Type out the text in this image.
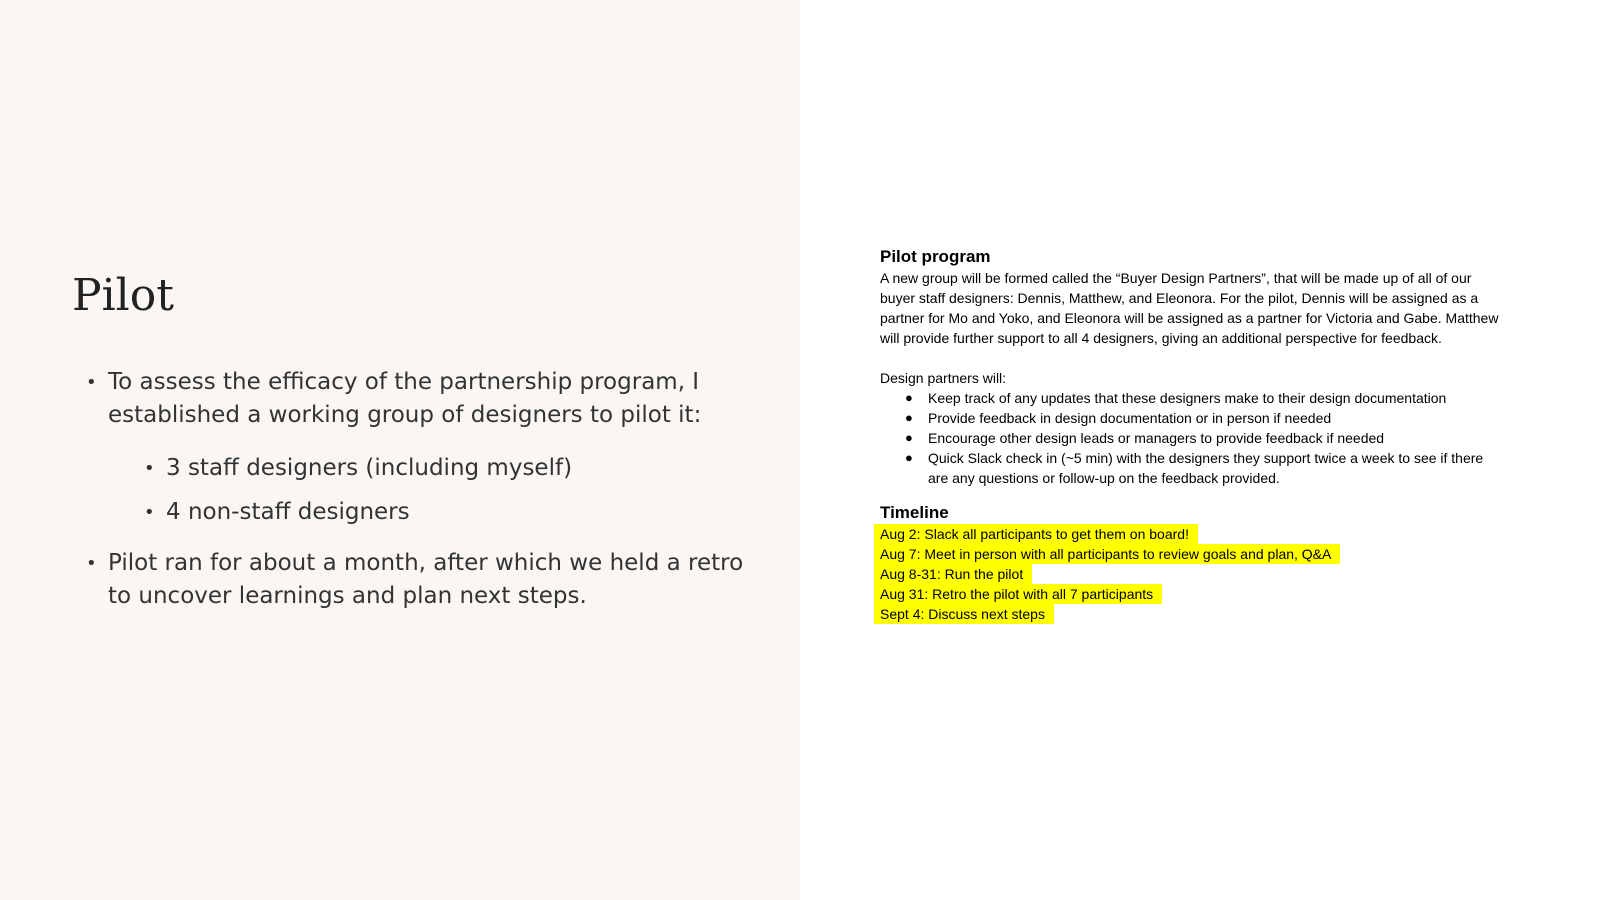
Pilot
• To assess the efficacy of the partnership program, I established a working group of designers to pilot it:
• 3 staff designers (including myself)
• 4 non-staff designers
• Pilot ran for about a month, after which we held a retro to uncover learnings and plan next steps.
Pilot program

A new group will be formed called the “Buyer Design Partners”, that will be made up of all of our buyer staff designers: Dennis, Matthew, and Eleonora. For the pilot, Dennis will be assigned as a partner for Mo and Yoko, and Eleonora will be assigned as a partner for Victoria and Gabe. Matthew will provide further support to all 4 designers, giving an additional perspective for feedback.

Design partners will:

● Keep track of any updates that these designers make to their design documentation
● Provide feedback in design documentation or in person if needed
● Encourage other design leads or managers to provide feedback if needed
● Quick Slack check in (~5 min) with the designers they support twice a week to see if there are any questions or follow-up on the feedback provided.
Timeline
Aug 2: Slack all participants to get them on board!
Aug 7: Meet in person with all participants to review goals and plan, Q&A
Aug 8-31: Run the pilot
Aug 31: Retro the pilot with all 7 participants
Sept 4: Discuss next steps
